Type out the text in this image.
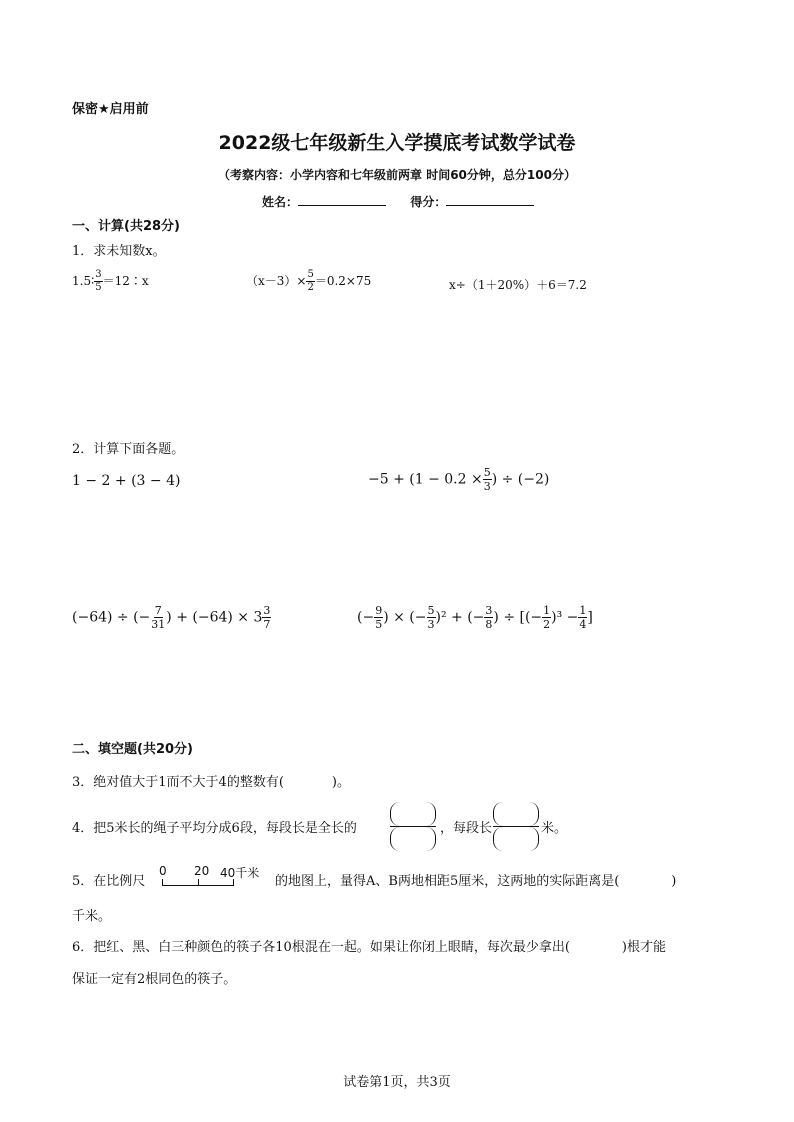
保密★启用前
2022级七年级新生入学摸底考试数学试卷
（考察内容：小学内容和七年级前两章 时间60分钟，总分100分）
姓名：	得分：
一、计算(共28分)
1．求未知数x。
1.5∶ $\frac{3}{5}$ ＝12∶x	$(x-3)\times \frac{5}{2} =0.2\times 75$	x÷（1＋20%）＋6＝7.2
2．计算下面各题。
1 − 2 + (3 − 4)	$-5 + (1 - 0.2 \times \frac{5}{3}$ ) ÷ (−2)
(−64) ÷ (− $\frac{7}{31}$ ) + $(-64) \times 3 \frac{3}{7}$	(− $\frac{9}{5}$ ) × (− $\frac{5}{3} )^2$ + (− $\frac{3}{8}$ ) ÷ [(− $\frac{1}{2} )^3 - \frac{1}{4}$ ]
二、填空题(共20分)
3．绝对值大于1而不大于4的整数有(	)。
4．把5米长的绳子平均分成6段，每段长是全长的	，每段长	米。
5．在比例尺
0 20 40千米
的地图上，量得A、B两地相距5厘米，这两地的实际距离是(	)
千米。
6．把红、黑、白三种颜色的筷子各10根混在一起。如果让你闭上眼睛，每次最少拿出(	)根才能
保证一定有2根同色的筷子。
试卷第1页，共3页
